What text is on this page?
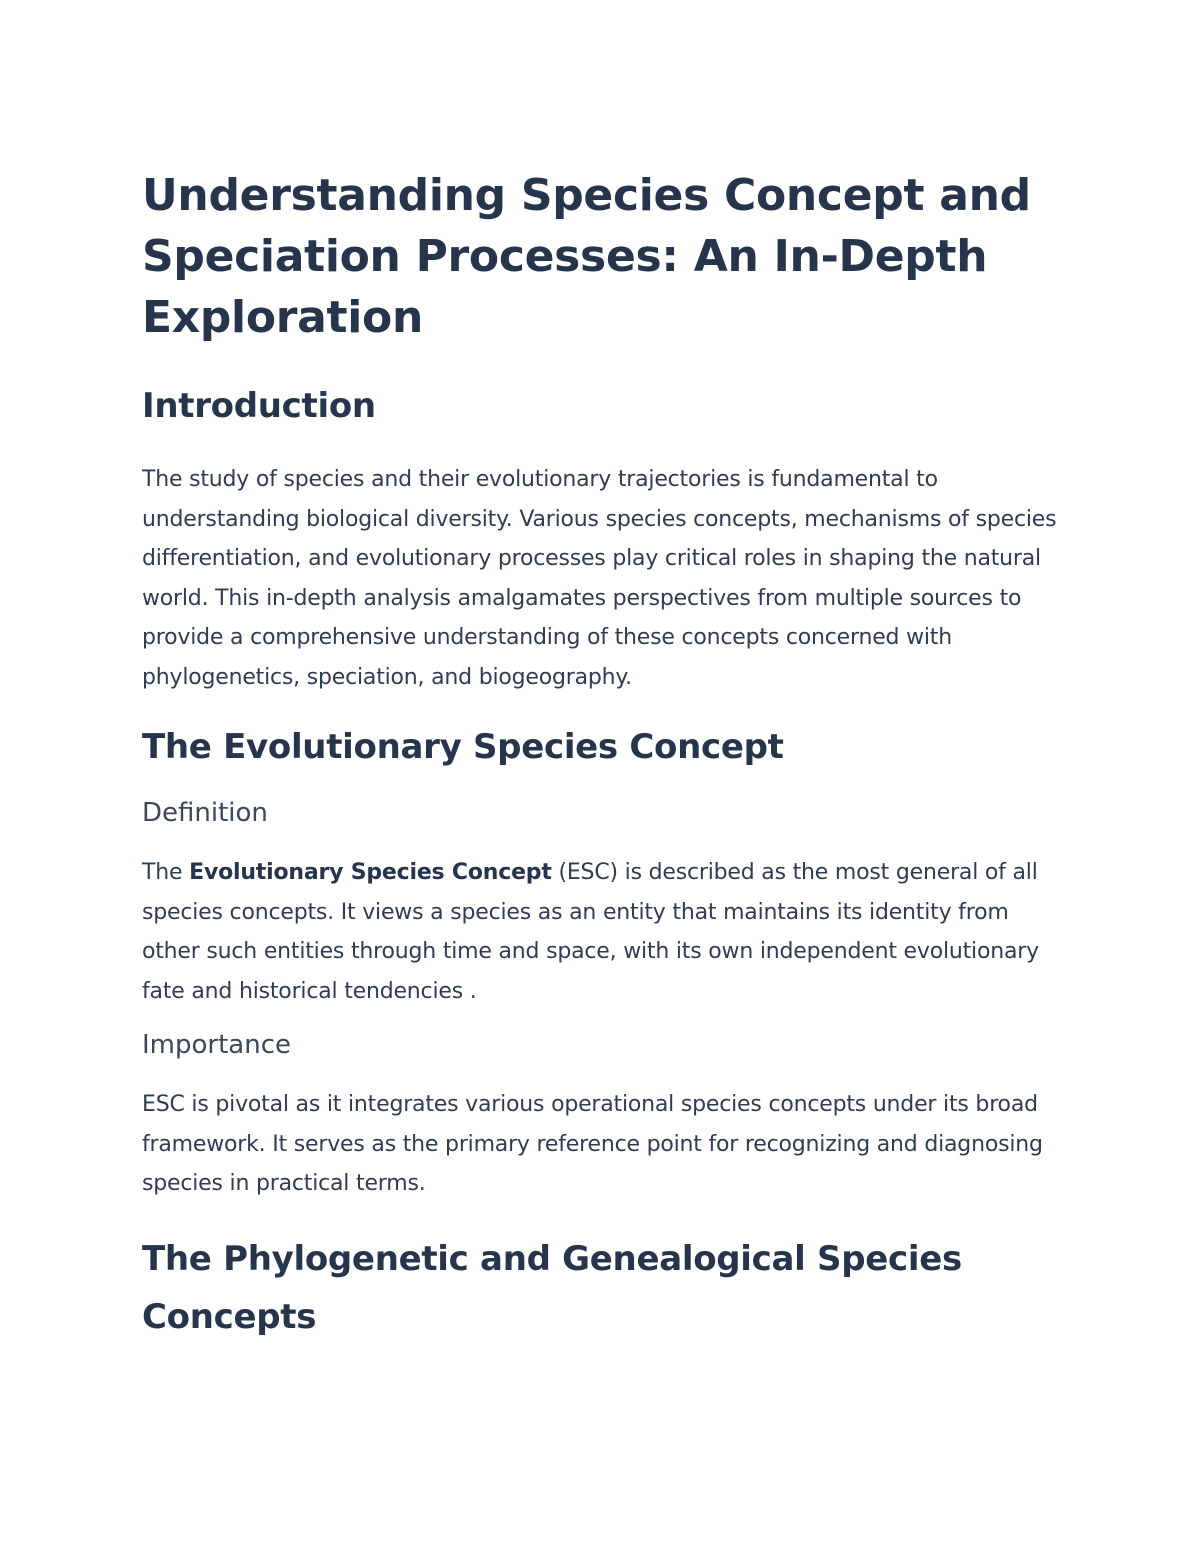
Understanding Species Concept and Speciation Processes: An In-Depth Exploration
Introduction

The study of species and their evolutionary trajectories is fundamental to understanding biological diversity. Various species concepts, mechanisms of species differentiation, and evolutionary processes play critical roles in shaping the natural world. This in-depth analysis amalgamates perspectives from multiple sources to provide a comprehensive understanding of these concepts concerned with phylogenetics, speciation, and biogeography.

The Evolutionary Species Concept
Definition

The Evolutionary Species Concept (ESC) is described as the most general of all species concepts. It views a species as an entity that maintains its identity from other such entities through time and space, with its own independent evolutionary fate and historical tendencies .

Importance

ESC is pivotal as it integrates various operational species concepts under its broad framework. It serves as the primary reference point for recognizing and diagnosing species in practical terms.

The Phylogenetic and Genealogical Species Concepts
